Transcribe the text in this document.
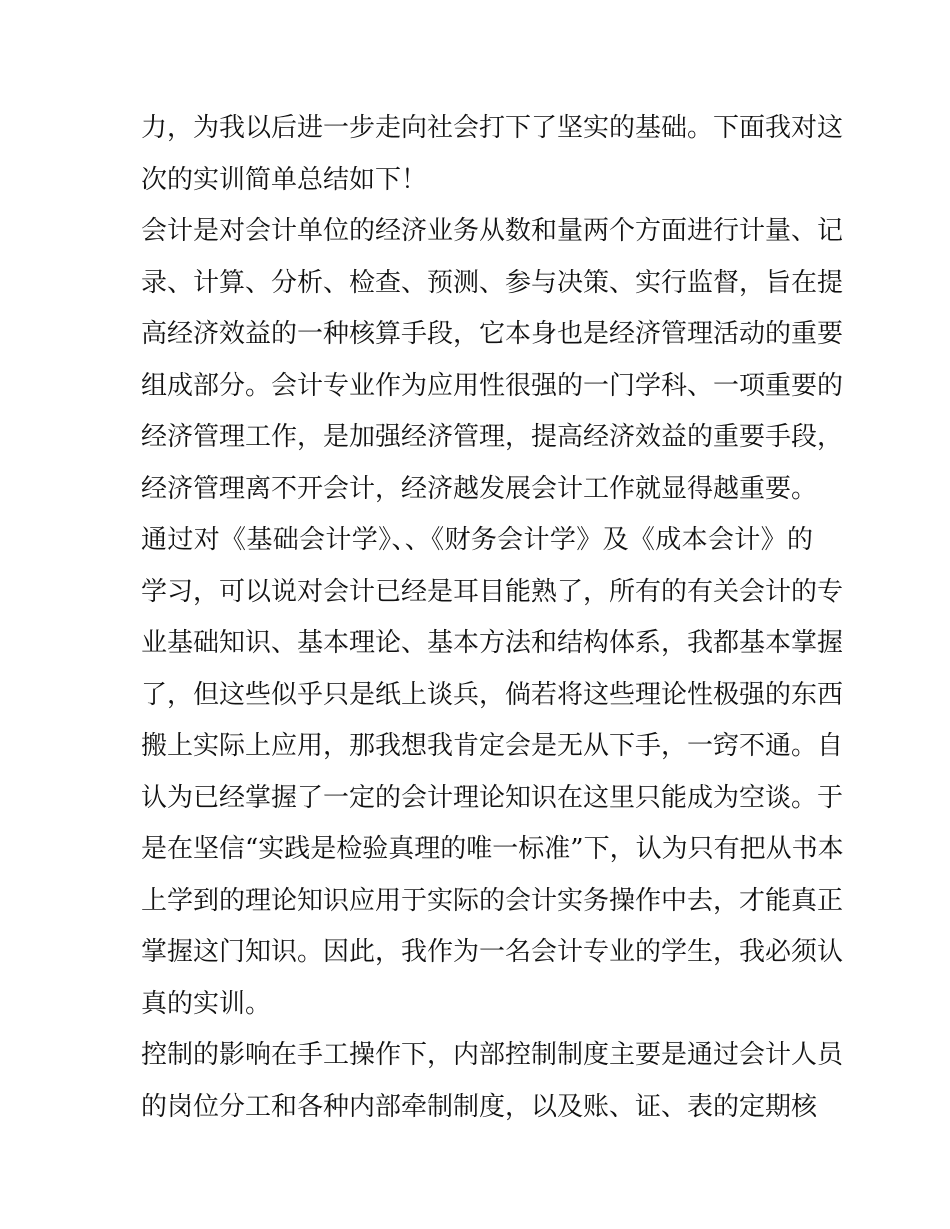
力，为我以后进一步走向社会打下了坚实的基础。下面我对这
次的实训简单总结如下！
会计是对会计单位的经济业务从数和量两个方面进行计量、记
录、计算、分析、检查、预测、参与决策、实行监督，旨在提
高经济效益的一种核算手段，它本身也是经济管理活动的重要
组成部分。会计专业作为应用性很强的一门学科、一项重要的
经济管理工作，是加强经济管理，提高经济效益的重要手段，
经济管理离不开会计，经济越发展会计工作就显得越重要。
通过对《基础会计学》、、《财务会计学》及《成本会计》的
学习，可以说对会计已经是耳目能熟了，所有的有关会计的专
业基础知识、基本理论、基本方法和结构体系，我都基本掌握
了，但这些似乎只是纸上谈兵，倘若将这些理论性极强的东西
搬上实际上应用，那我想我肯定会是无从下手，一窍不通。自
认为已经掌握了一定的会计理论知识在这里只能成为空谈。于
是在坚信“实践是检验真理的唯一标准”下，认为只有把从书本
上学到的理论知识应用于实际的会计实务操作中去，才能真正
掌握这门知识。因此，我作为一名会计专业的学生，我必须认
真的实训。
控制的影响在手工操作下，内部控制制度主要是通过会计人员
的岗位分工和各种内部牵制制度，以及账、证、表的定期核
